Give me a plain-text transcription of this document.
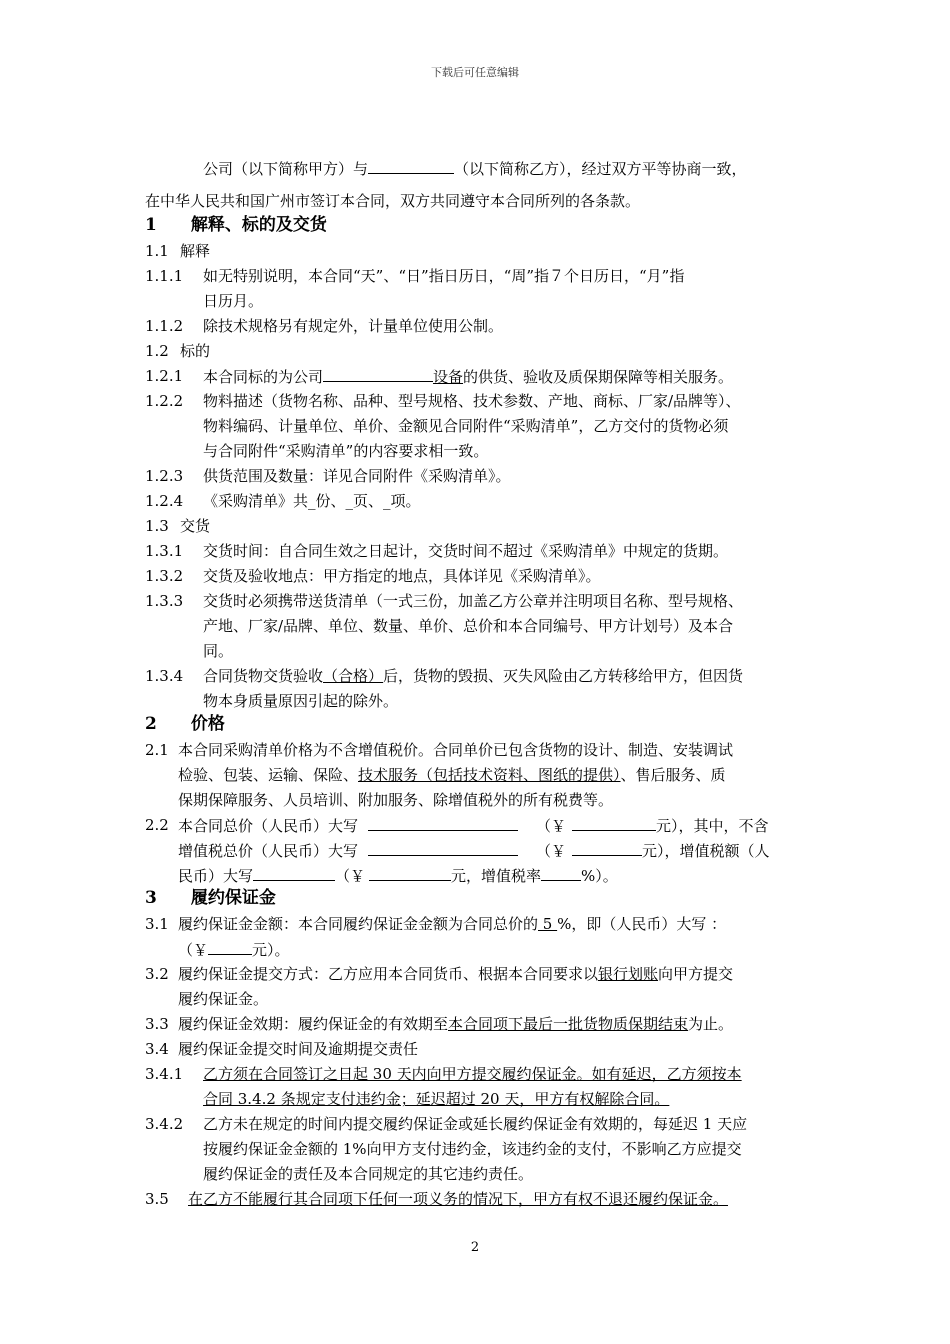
下载后可任意编辑
公司（以下简称甲方）与	（以下简称乙方），经过双方平等协商一致，
在中华人民共和国广州市签订本合同，双方共同遵守本合同所列的各条款。
1 解释、标的及交货
1.1 解释
1.1.1 如无特别说明，本合同“天”、“日”指日历日，“周”指７个日历日，“月”指
日历月。
1.1.2 除技术规格另有规定外，计量单位使用公制。
1.2 标的
1.2.1 本合同标的为公司	设备的供货、验收及质保期保障等相关服务。
1.2.2 物料描述（货物名称、品种、型号规格、技术参数、产地、商标、厂家/品牌等）、
物料编码、计量单位、单价、金额见合同附件“采购清单”，乙方交付的货物必须
与合同附件“采购清单”的内容要求相一致。
1.2.3 供货范围及数量：详见合同附件《采购清单》。
1.2.4 《采购清单》共_份、_页、_项。
1.3 交货
1.3.1 交货时间：自合同生效之日起计，交货时间不超过《采购清单》中规定的货期。
1.3.2 交货及验收地点：甲方指定的地点，具体详见《采购清单》。
1.3.3 交货时必须携带送货清单（一式三份，加盖乙方公章并注明项目名称、型号规格、
产地、厂家/品牌、单位、数量、单价、总价和本合同编号、甲方计划号）及本合
同。
1.3.4 合同货物交货验收（合格）后，货物的毁损、灭失风险由乙方转移给甲方，但因货
物本身质量原因引起的除外。
2 价格
2.1 本合同采购清单价格为不含增值税价。合同单价已包含货物的设计、制造、安装调试
检验、包装、运输、保险、技术服务（包括技术资料、图纸的提供）、售后服务、质
保期保障服务、人员培训、附加服务、除增值税外的所有税费等。
2.2 本合同总价（人民币）大写	（￥	元），其中，不含
增值税总价（人民币）大写	（￥	元），增值税额（人
民币）大写	（￥	元，增值税率	%）。
3 履约保证金
3.1 履约保证金金额：本合同履约保证金金额为合同总价的 5 %，即（人民币）大写 ：
（￥	元）。
3.2 履约保证金提交方式：乙方应用本合同货币、根据本合同要求以银行划账向甲方提交
履约保证金。
3.3 履约保证金效期：履约保证金的有效期至本合同项下最后一批货物质保期结束为止。
3.4 履约保证金提交时间及逾期提交责任
3.4.1 乙方须在合同签订之日起 30 天内向甲方提交履约保证金。如有延迟，乙方须按本
合同 3.4.2 条规定支付违约金；延迟超过 20 天，甲方有权解除合同。
3.4.2 乙方未在规定的时间内提交履约保证金或延长履约保证金有效期的，每延迟 1 天应
按履约保证金金额的 1%向甲方支付违约金，该违约金的支付，不影响乙方应提交
履约保证金的责任及本合同规定的其它违约责任。
3.5 在乙方不能履行其合同项下任何一项义务的情况下，甲方有权不退还履约保证金。
2
